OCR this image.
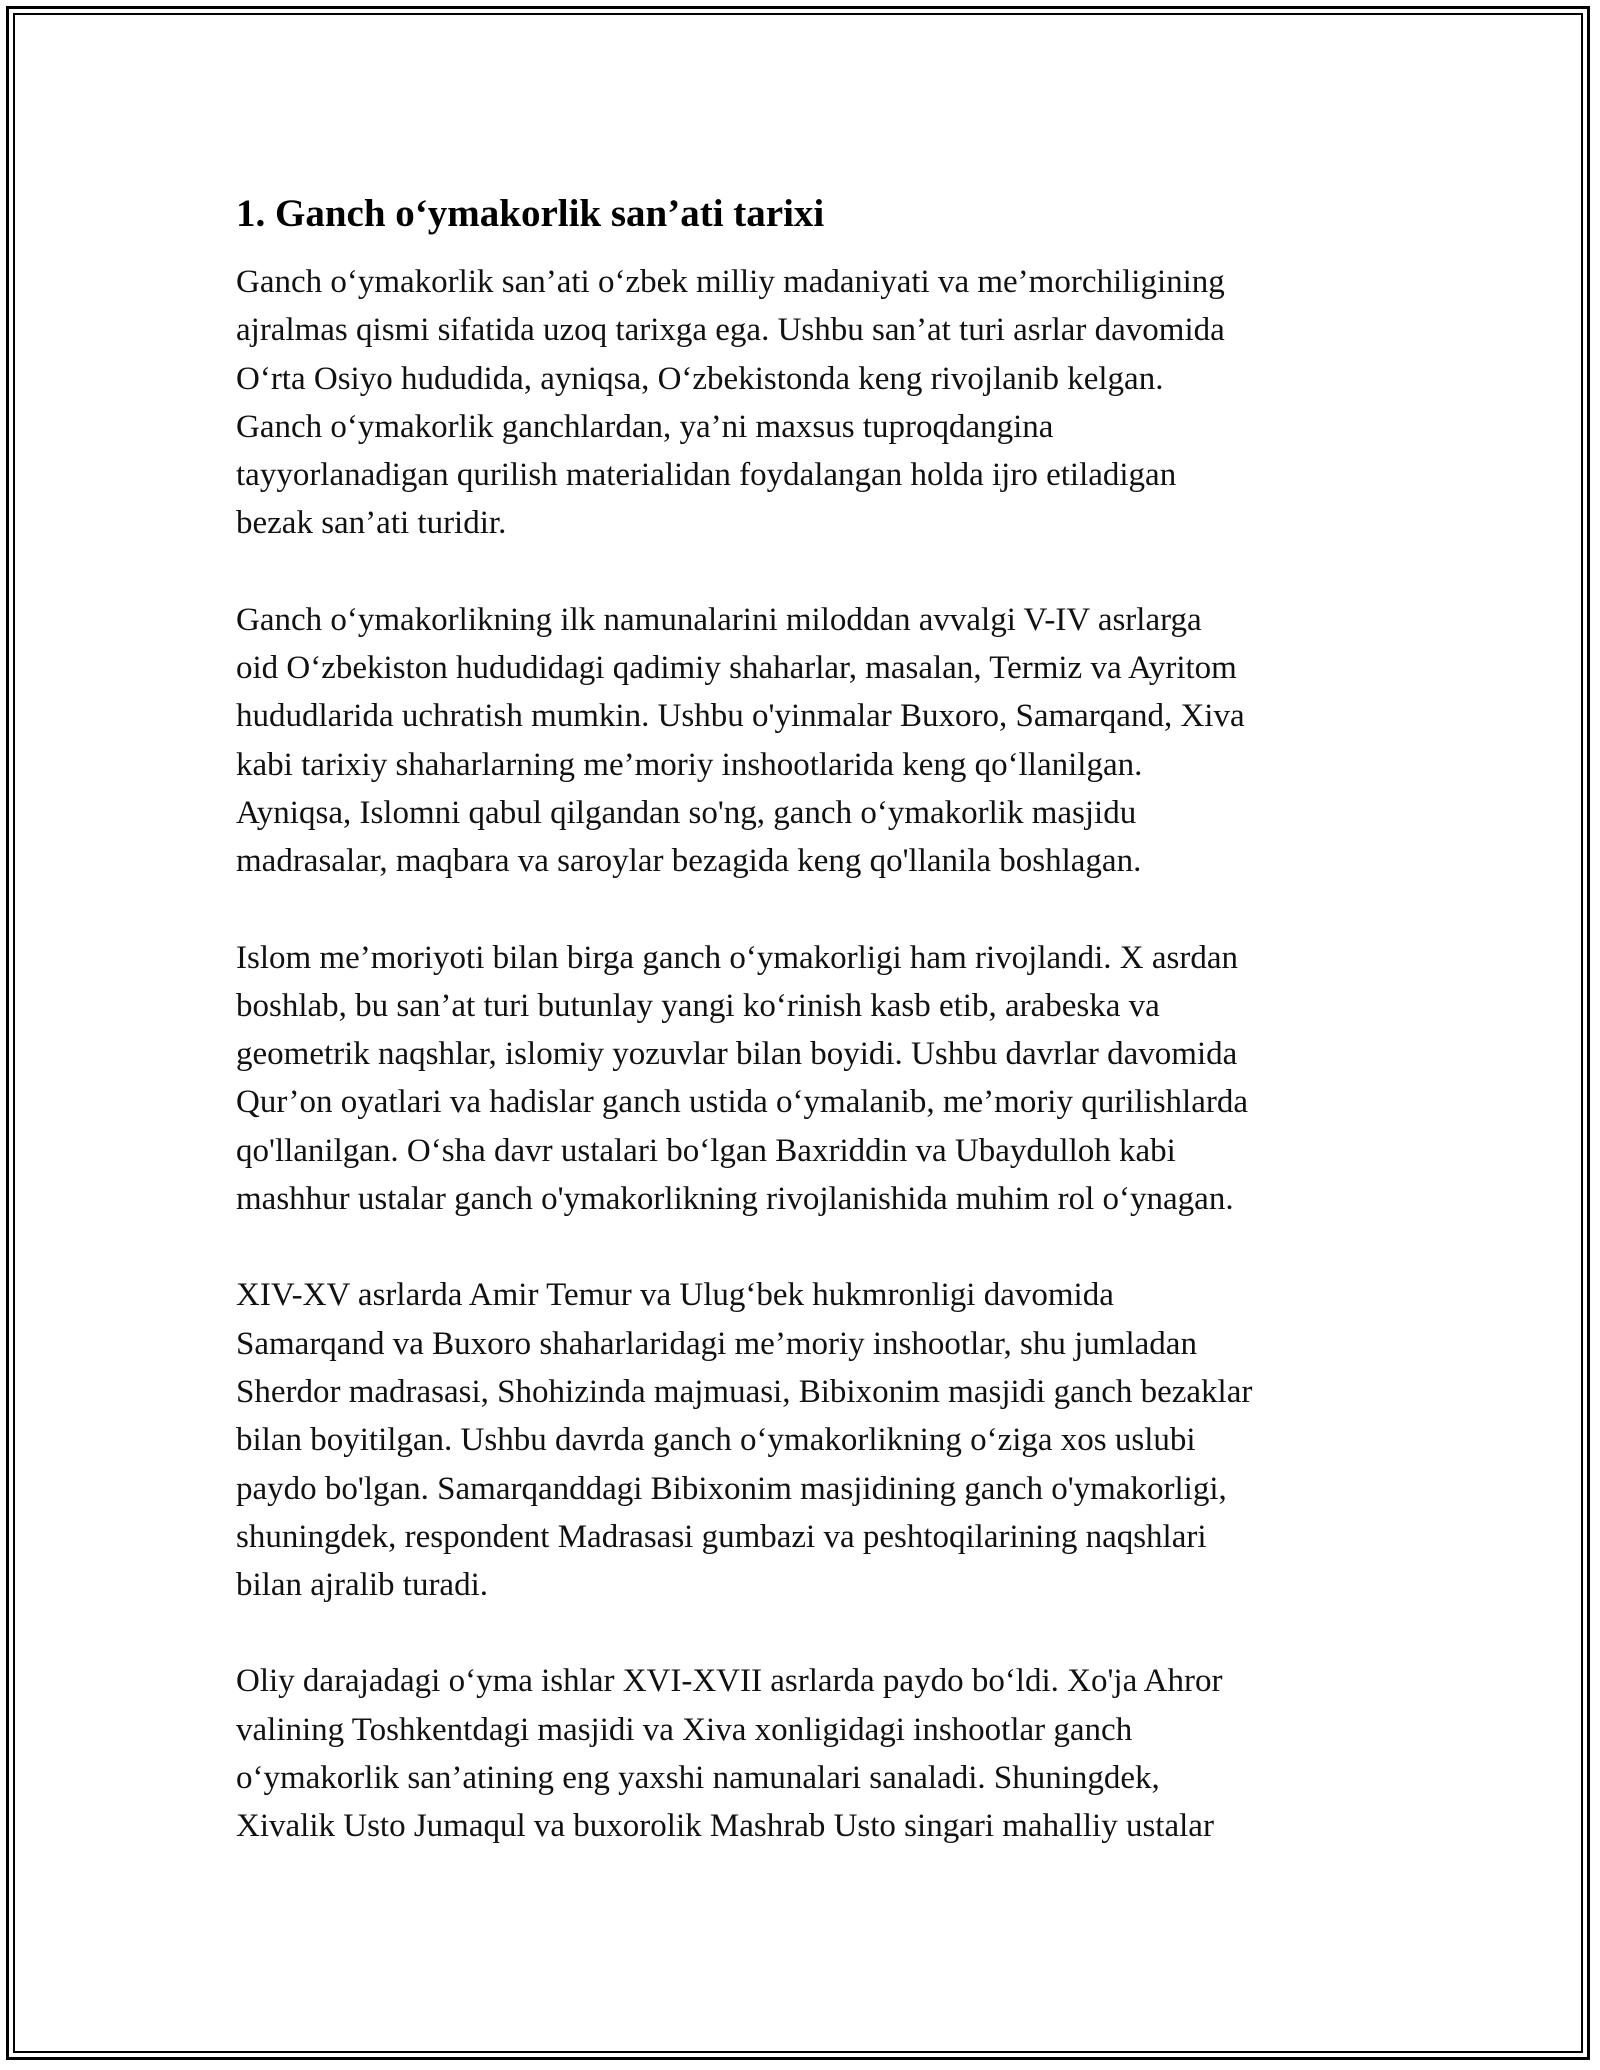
1. Ganch o‘ymakorlik san’ati tarixi
Ganch o‘ymakorlik san’ati o‘zbek milliy madaniyati va me’morchiligining
ajralmas qismi sifatida uzoq tarixga ega. Ushbu san’at turi asrlar davomida
O‘rta Osiyo hududida, ayniqsa, O‘zbekistonda keng rivojlanib kelgan.
Ganch o‘ymakorlik ganchlardan, ya’ni maxsus tuproqdangina
tayyorlanadigan qurilish materialidan foydalangan holda ijro etiladigan
bezak san’ati turidir.
Ganch o‘ymakorlikning ilk namunalarini miloddan avvalgi V-IV asrlarga
oid O‘zbekiston hududidagi qadimiy shaharlar, masalan, Termiz va Ayritom
hududlarida uchratish mumkin. Ushbu o'yinmalar Buxoro, Samarqand, Xiva
kabi tarixiy shaharlarning me’moriy inshootlarida keng qo‘llanilgan.
Ayniqsa, Islomni qabul qilgandan so'ng, ganch o‘ymakorlik masjidu
madrasalar, maqbara va saroylar bezagida keng qo'llanila boshlagan.
Islom me’moriyoti bilan birga ganch o‘ymakorligi ham rivojlandi. X asrdan
boshlab, bu san’at turi butunlay yangi ko‘rinish kasb etib, arabeska va
geometrik naqshlar, islomiy yozuvlar bilan boyidi. Ushbu davrlar davomida
Qur’on oyatlari va hadislar ganch ustida o‘ymalanib, me’moriy qurilishlarda
qo'llanilgan. O‘sha davr ustalari bo‘lgan Baxriddin va Ubaydulloh kabi
mashhur ustalar ganch o'ymakorlikning rivojlanishida muhim rol o‘ynagan.
XIV-XV asrlarda Amir Temur va Ulug‘bek hukmronligi davomida
Samarqand va Buxoro shaharlaridagi me’moriy inshootlar, shu jumladan
Sherdor madrasasi, Shohizinda majmuasi, Bibixonim masjidi ganch bezaklar
bilan boyitilgan. Ushbu davrda ganch o‘ymakorlikning o‘ziga xos uslubi
paydo bo'lgan. Samarqanddagi Bibixonim masjidining ganch o'ymakorligi,
shuningdek, respondent Madrasasi gumbazi va peshtoqilarining naqshlari
bilan ajralib turadi.
Oliy darajadagi o‘yma ishlar XVI-XVII asrlarda paydo bo‘ldi. Xo'ja Ahror
valining Toshkentdagi masjidi va Xiva xonligidagi inshootlar ganch
o‘ymakorlik san’atining eng yaxshi namunalari sanaladi. Shuningdek,
Xivalik Usto Jumaqul va buxorolik Mashrab Usto singari mahalliy ustalar
